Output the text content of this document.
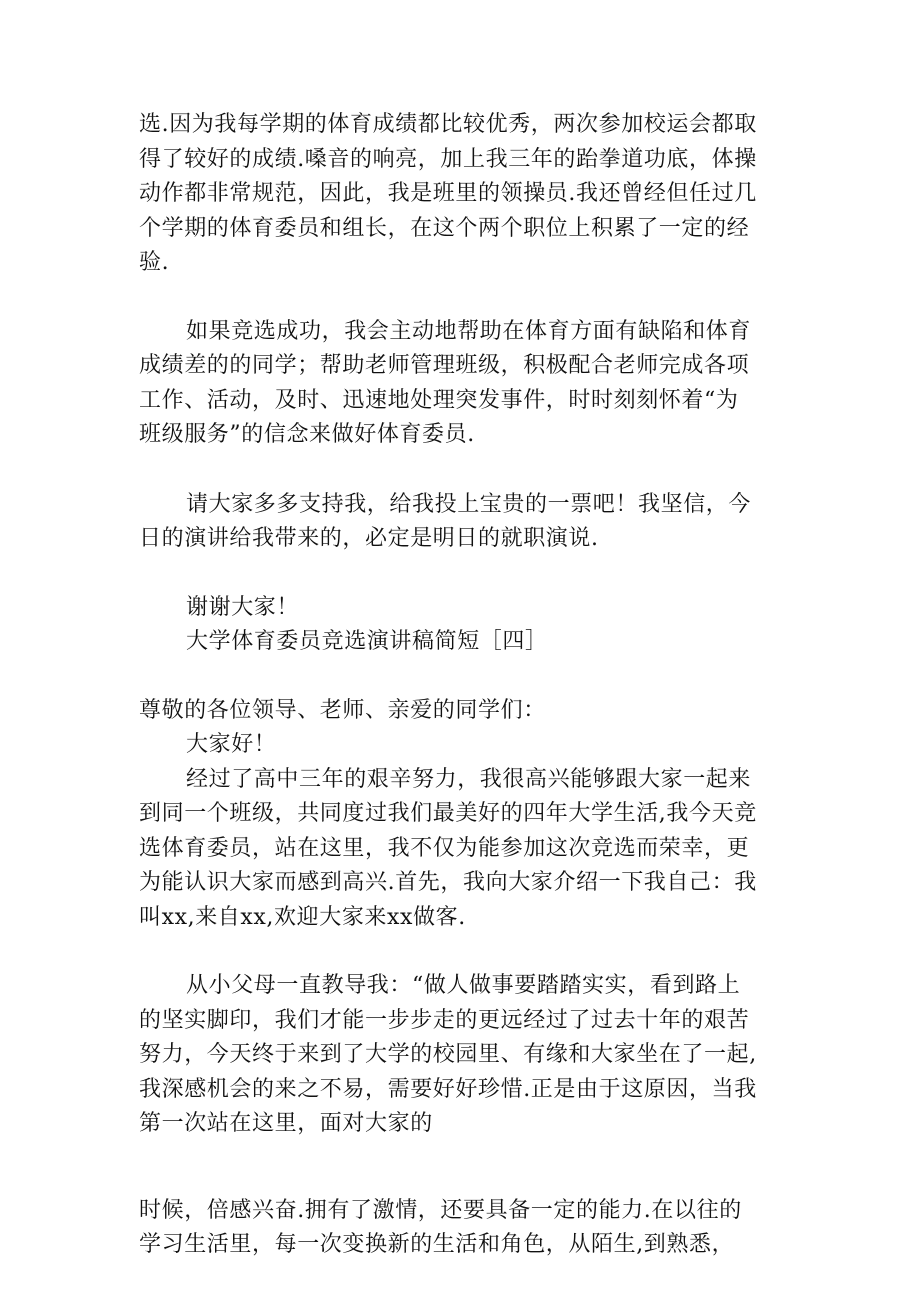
选.因为我每学期的体育成绩都比较优秀，两次参加校运会都取
得了较好的成绩.嗓音的响亮，加上我三年的跆拳道功底，体操
动作都非常规范，因此，我是班里的领操员.我还曾经但任过几
个学期的体育委员和组长，在这个两个职位上积累了一定的经
验.
如果竞选成功，我会主动地帮助在体育方面有缺陷和体育
成绩差的的同学；帮助老师管理班级，积极配合老师完成各项
工作、活动，及时、迅速地处理突发事件，时时刻刻怀着“为
班级服务”的信念来做好体育委员.
请大家多多支持我，给我投上宝贵的一票吧！我坚信，今
日的演讲给我带来的，必定是明日的就职演说.
谢谢大家！
大学体育委员竞选演讲稿简短［四］
尊敬的各位领导、老师、亲爱的同学们：
大家好！
经过了高中三年的艰辛努力，我很高兴能够跟大家一起来
到同一个班级，共同度过我们最美好的四年大学生活,我今天竞
选体育委员，站在这里，我不仅为能参加这次竞选而荣幸，更
为能认识大家而感到高兴.首先，我向大家介绍一下我自己：我
叫xx,来自xx,欢迎大家来xx做客.
从小父母一直教导我：“做人做事要踏踏实实，看到路上
的坚实脚印，我们才能一步步走的更远经过了过去十年的艰苦
努力，今天终于来到了大学的校园里、有缘和大家坐在了一起,
我深感机会的来之不易，需要好好珍惜.正是由于这原因，当我
第一次站在这里，面对大家的
时候，倍感兴奋.拥有了激情，还要具备一定的能力.在以往的
学习生活里，每一次变换新的生活和角色，从陌生,到熟悉，
